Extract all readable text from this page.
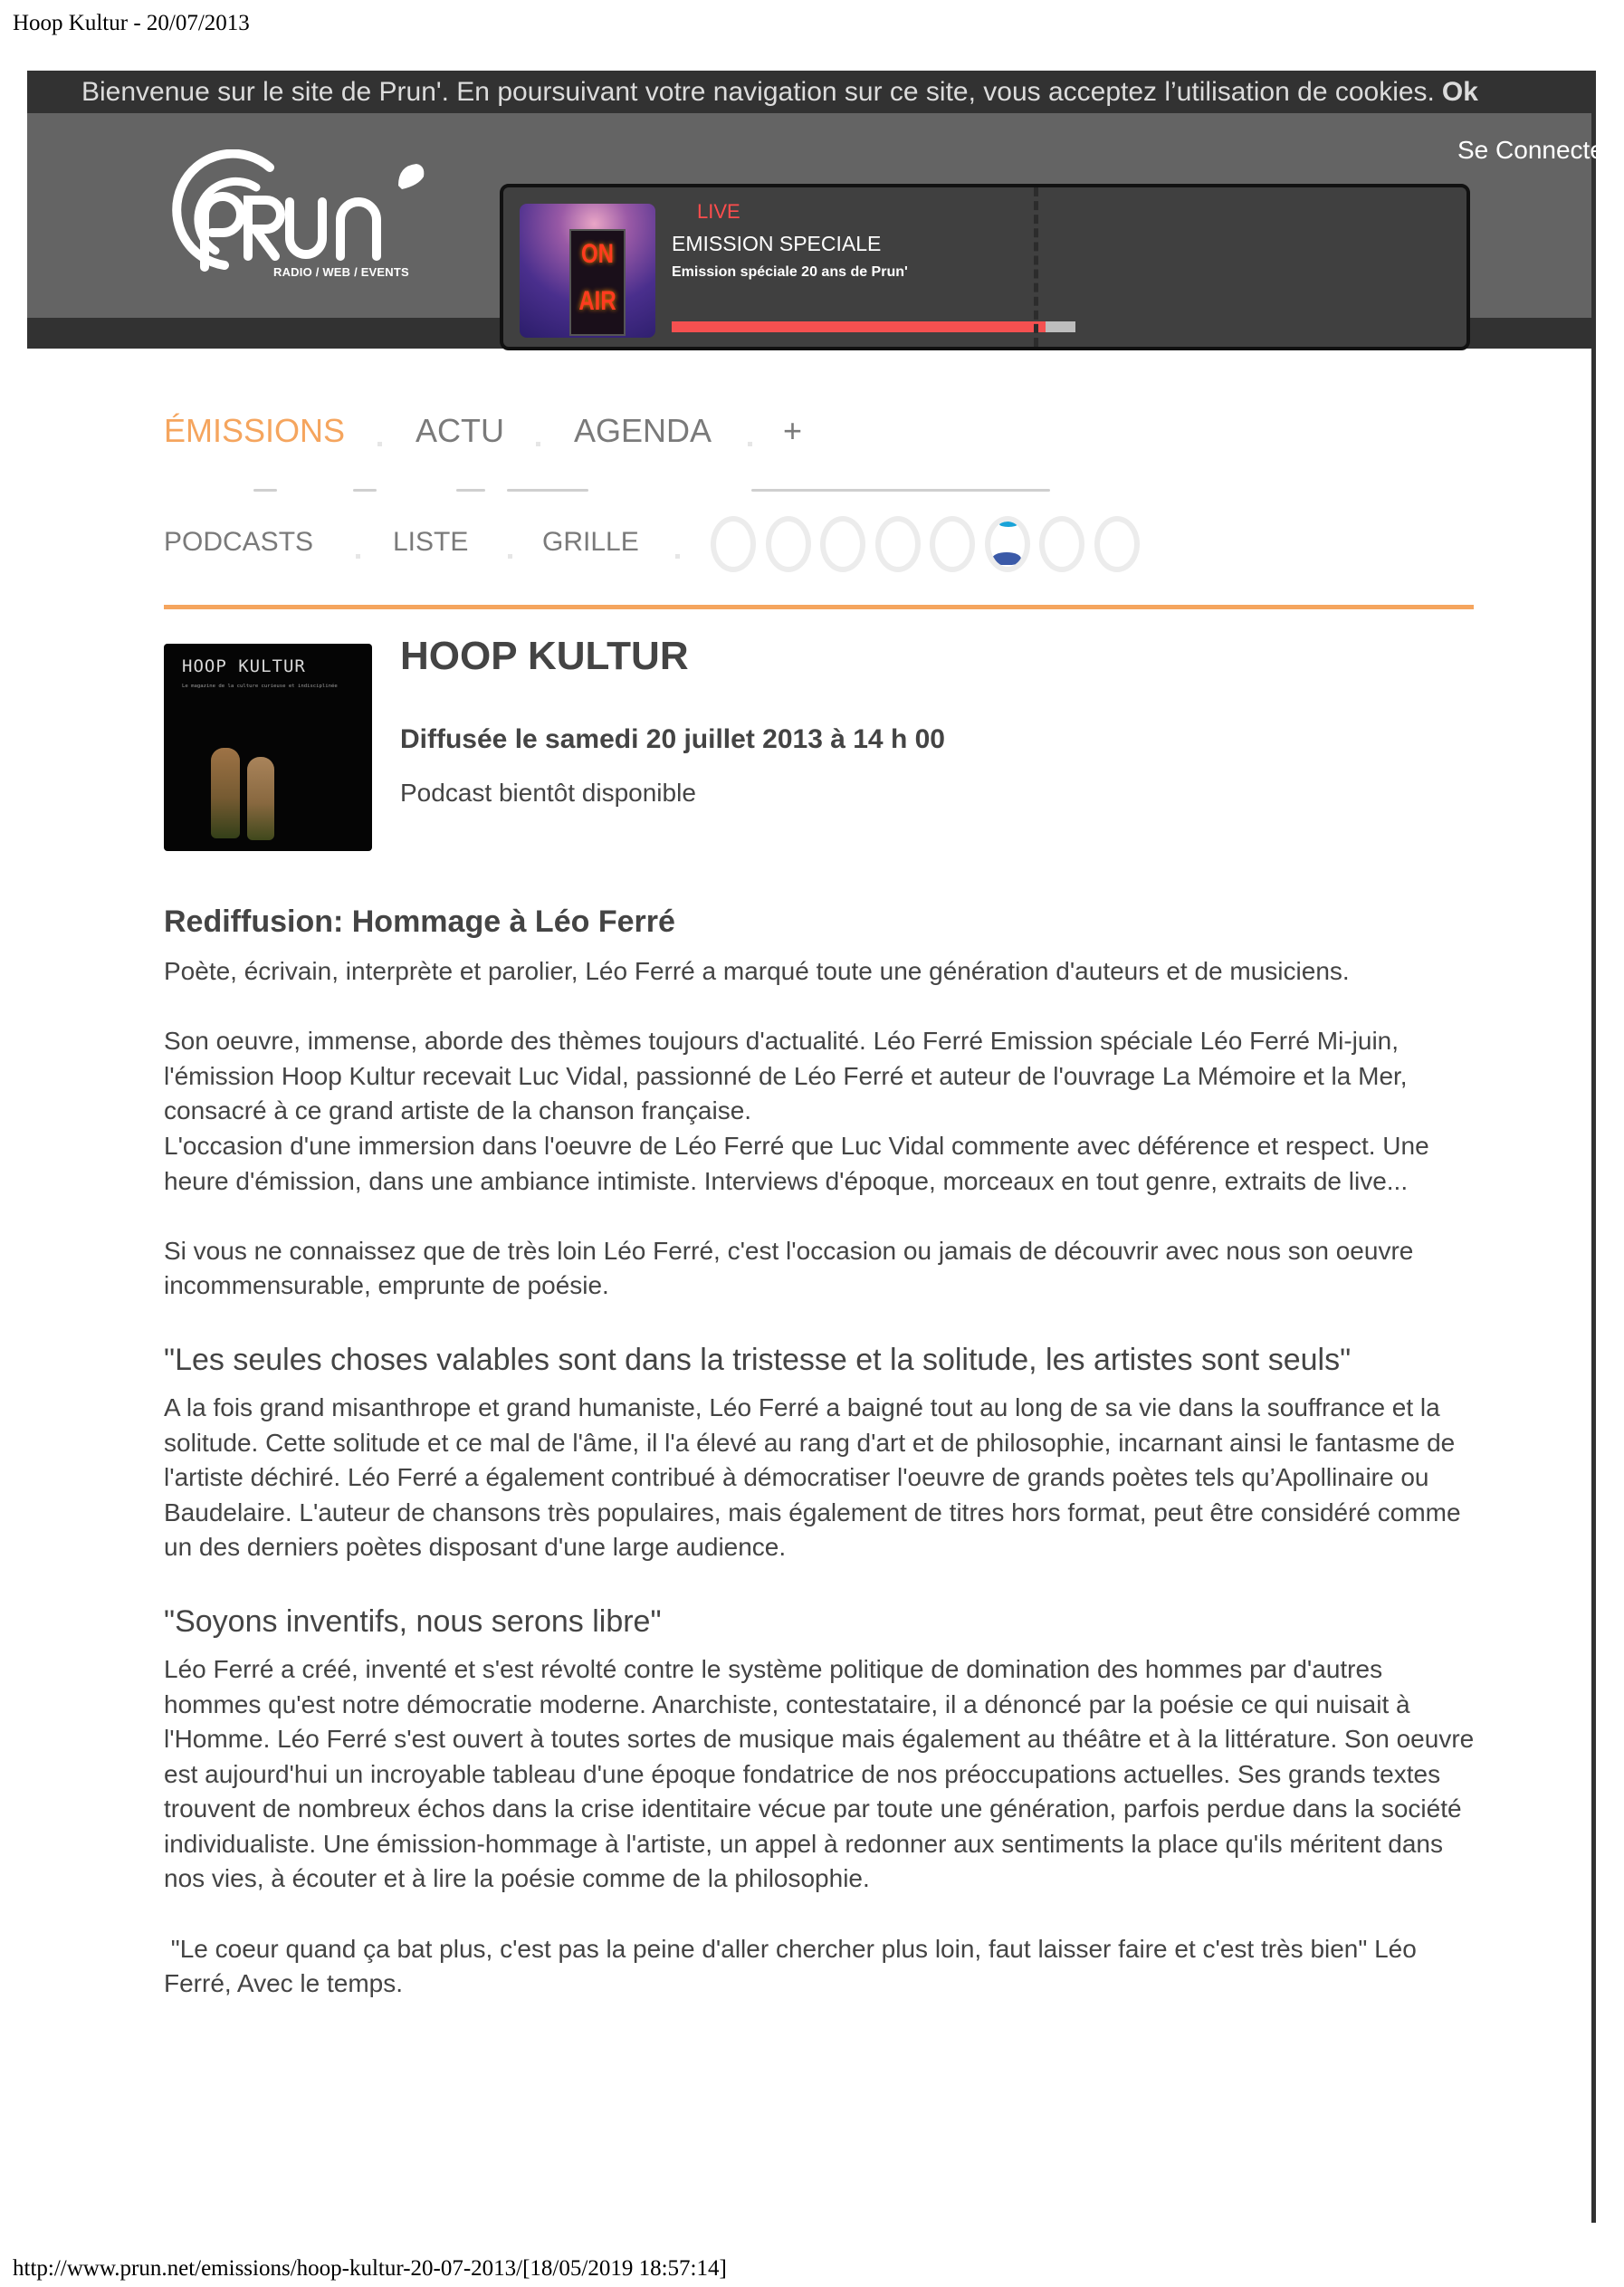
Hoop Kultur - 20/07/2013
Bienvenue sur le site de Prun'. En poursuivant votre navigation sur ce site, vous acceptez l’utilisation de cookies. Ok
Se Connecter
RADIO / WEB / EVENTS
ON
AIR
LIVE
EMISSION SPECIALE
Emission spéciale 20 ans de Prun'
ÉMISSIONS ACTU AGENDA +
PODCASTS	LISTE	GRILLE
HOOP KULTUR
Le magazine de la culture curieuse et indisciplinée
HOOP KULTUR
Diffusée le samedi 20 juillet 2013 à 14 h 00
Podcast bientôt disponible
Rediffusion: Hommage à Léo Ferré

Poète, écrivain, interprète et parolier, Léo Ferré a marqué toute une génération d'auteurs et de musiciens.

Son oeuvre, immense, aborde des thèmes toujours d'actualité. Léo Ferré Emission spéciale Léo Ferré Mi-juin, l'émission Hoop Kultur recevait Luc Vidal, passionné de Léo Ferré et auteur de l'ouvrage La Mémoire et la Mer, consacré à ce grand artiste de la chanson française.

L'occasion d'une immersion dans l'oeuvre de Léo Ferré que Luc Vidal commente avec déférence et respect. Une heure d'émission, dans une ambiance intimiste. Interviews d'époque, morceaux en tout genre, extraits de live...

Si vous ne connaissez que de très loin Léo Ferré, c'est l'occasion ou jamais de découvrir avec nous son oeuvre incommensurable, emprunte de poésie.

"Les seules choses valables sont dans la tristesse et la solitude, les artistes sont seuls"

A la fois grand misanthrope et grand humaniste, Léo Ferré a baigné tout au long de sa vie dans la souffrance et la solitude. Cette solitude et ce mal de l'âme, il l'a élevé au rang d'art et de philosophie, incarnant ainsi le fantasme de l'artiste déchiré. Léo Ferré a également contribué à démocratiser l'oeuvre de grands poètes tels qu’Apollinaire ou Baudelaire. L'auteur de chansons très populaires, mais également de titres hors format, peut être considéré comme un des derniers poètes disposant d'une large audience.

"Soyons inventifs, nous serons libre"

Léo Ferré a créé, inventé et s'est révolté contre le système politique de domination des hommes par d'autres hommes qu'est notre démocratie moderne. Anarchiste, contestataire, il a dénoncé par la poésie ce qui nuisait à l'Homme. Léo Ferré s'est ouvert à toutes sortes de musique mais également au théâtre et à la littérature. Son oeuvre est aujourd'hui un incroyable tableau d'une époque fondatrice de nos préoccupations actuelles. Ses grands textes trouvent de nombreux échos dans la crise identitaire vécue par toute une génération, parfois perdue dans la société individualiste. Une émission-hommage à l'artiste, un appel à redonner aux sentiments la place qu'ils méritent dans nos vies, à écouter et à lire la poésie comme de la philosophie.

"Le coeur quand ça bat plus, c'est pas la peine d'aller chercher plus loin, faut laisser faire et c'est très bien" Léo Ferré, Avec le temps.

http://www.prun.net/emissions/hoop-kultur-20-07-2013/[18/05/2019 18:57:14]
